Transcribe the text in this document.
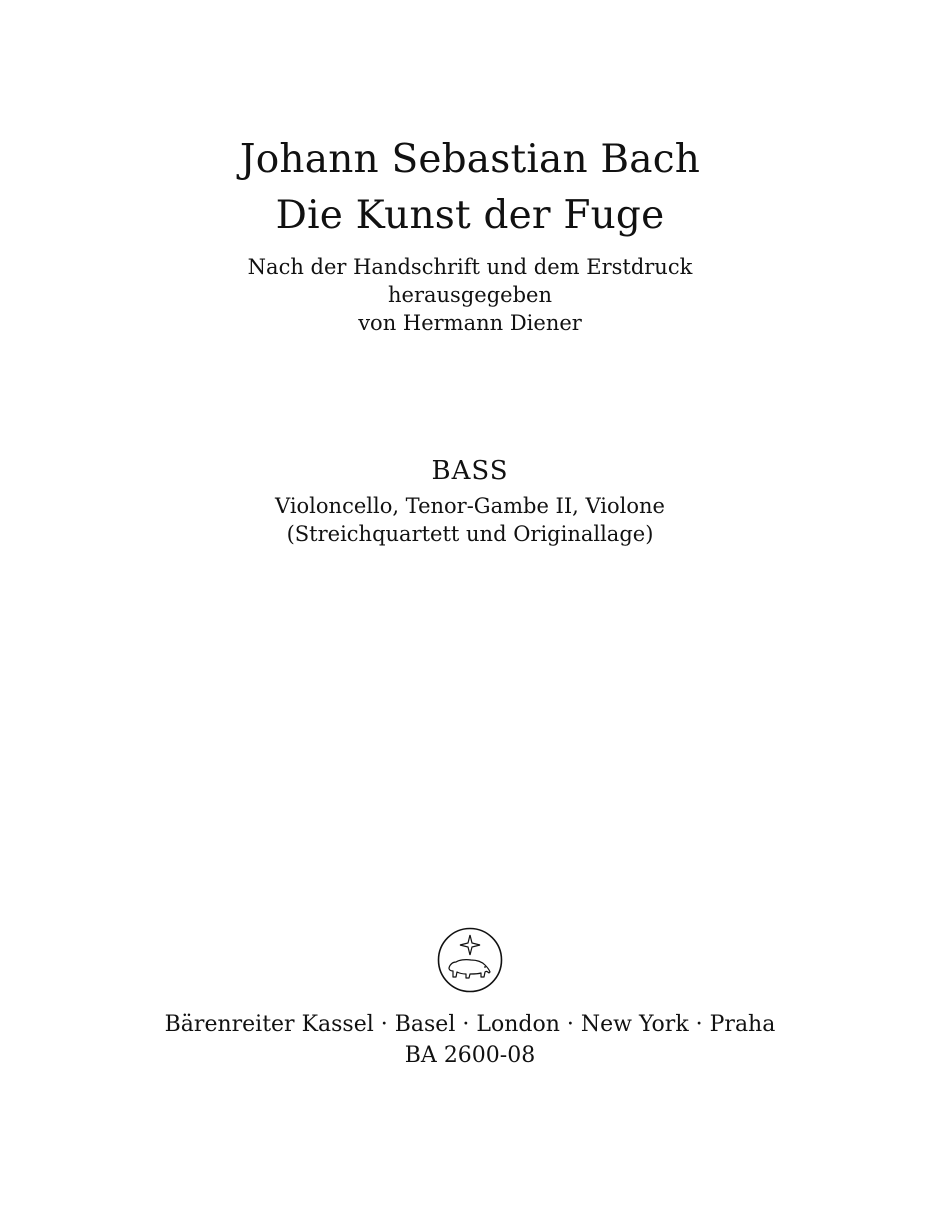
Johann Sebastian Bach
Die Kunst der Fuge
Nach der Handschrift und dem Erstdruck
herausgegeben
von Hermann Diener
BASS
Violoncello, Tenor-Gambe II, Violone
(Streichquartett und Originallage)
Bärenreiter Kassel · Basel · London · New York · Praha
BA 2600-08
